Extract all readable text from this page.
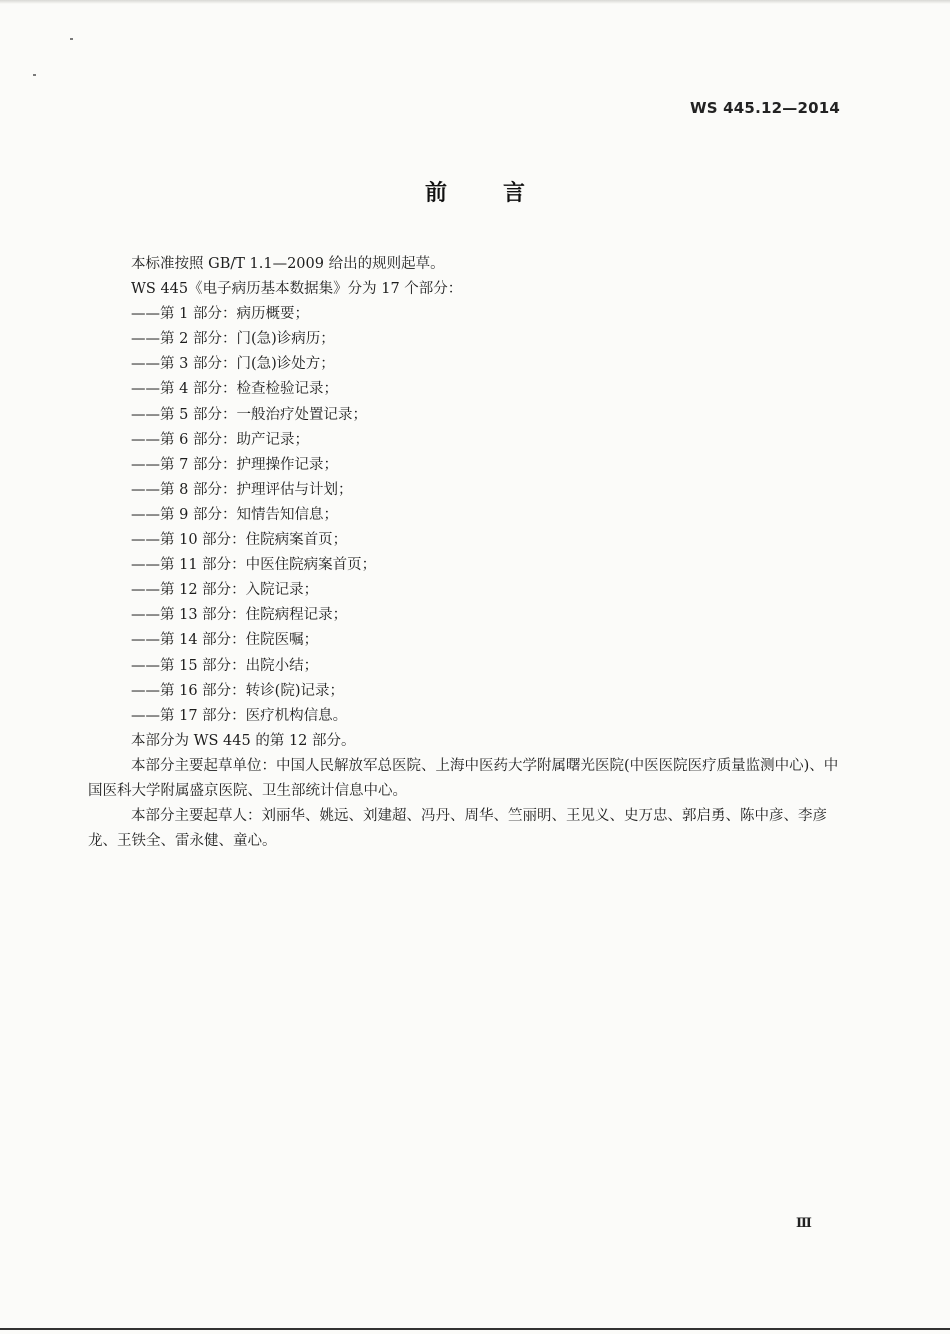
WS 445.12—2014
前言

本标准按照 GB/T 1.1—2009 给出的规则起草。

WS 445《电子病历基本数据集》分为 17 个部分：

——第 1 部分：病历概要；

——第 2 部分：门(急)诊病历；

——第 3 部分：门(急)诊处方；

——第 4 部分：检查检验记录；

——第 5 部分：一般治疗处置记录；

——第 6 部分：助产记录；

——第 7 部分：护理操作记录；

——第 8 部分：护理评估与计划；

——第 9 部分：知情告知信息；

——第 10 部分：住院病案首页；

——第 11 部分：中医住院病案首页；

——第 12 部分：入院记录；

——第 13 部分：住院病程记录；

——第 14 部分：住院医嘱；

——第 15 部分：出院小结；

——第 16 部分：转诊(院)记录；

——第 17 部分：医疗机构信息。

本部分为 WS 445 的第 12 部分。

本部分主要起草单位：中国人民解放军总医院、上海中医药大学附属曙光医院(中医医院医疗质量监测中心)、中国医科大学附属盛京医院、卫生部统计信息中心。

本部分主要起草人：刘丽华、姚远、刘建超、冯丹、周华、竺丽明、王见义、史万忠、郭启勇、陈中彦、李彦龙、王铁全、雷永健、童心。

Ⅲ
